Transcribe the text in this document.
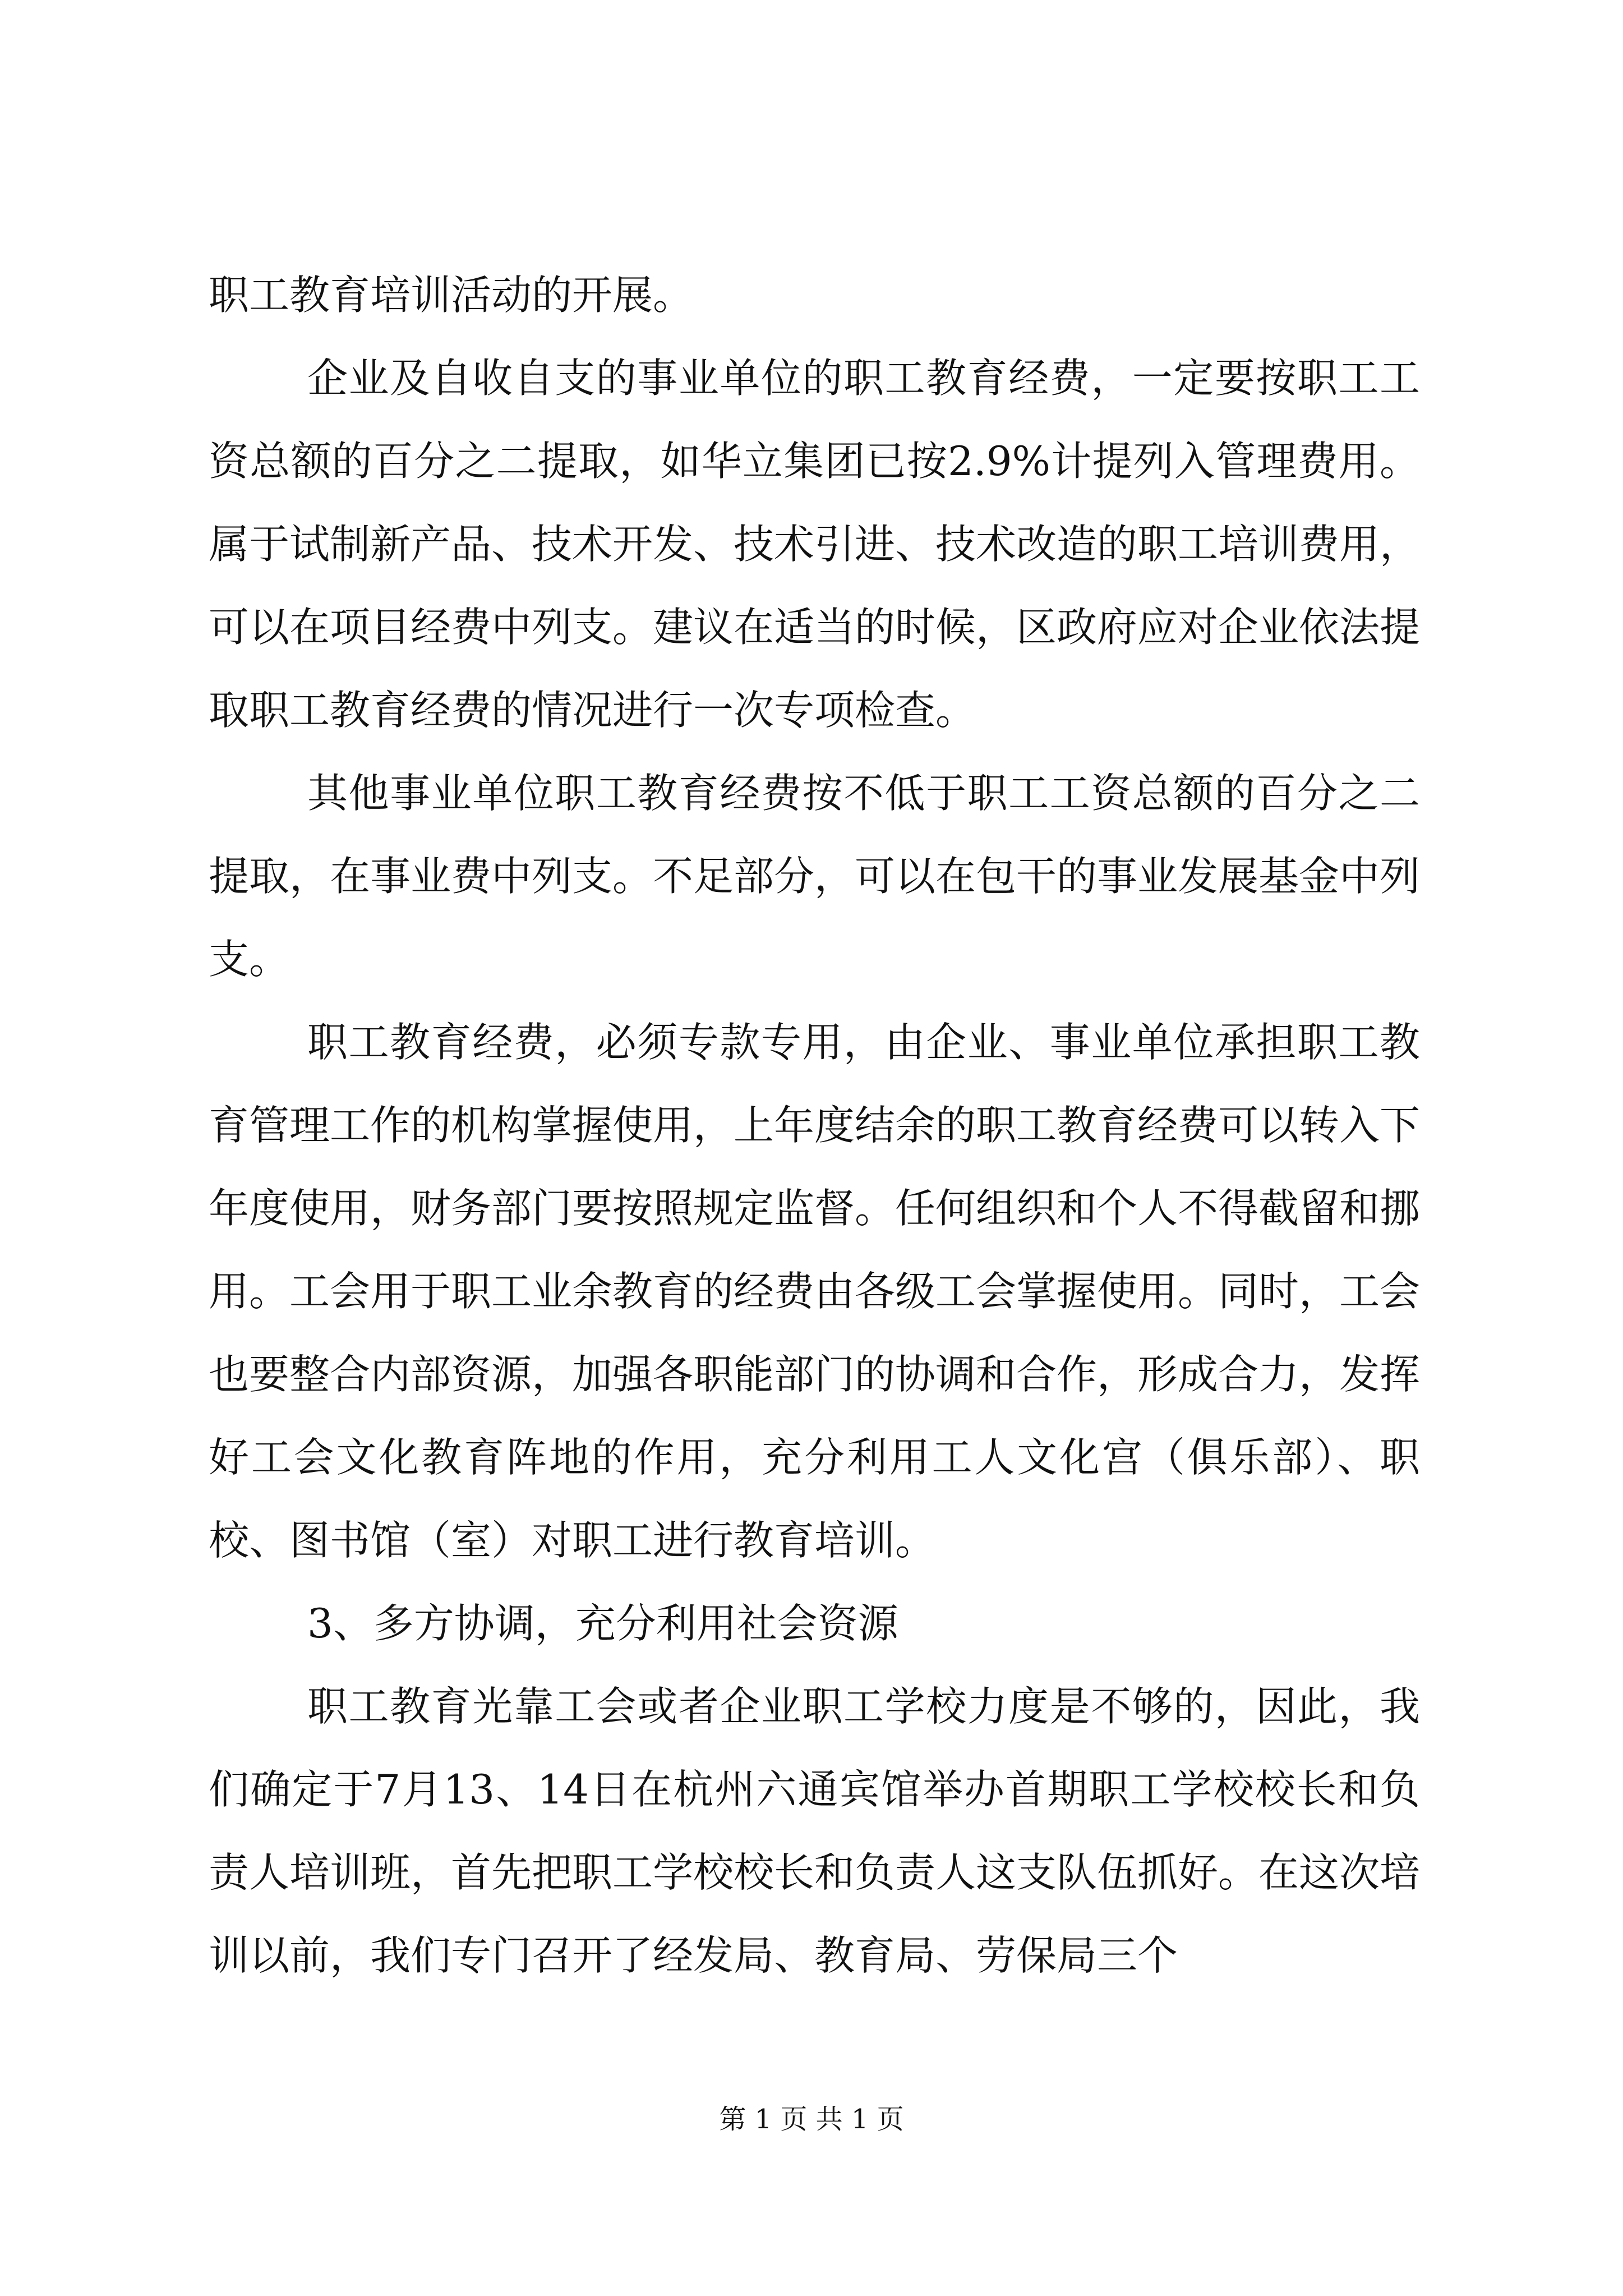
职工教育培训活动的开展。

企业及自收自支的事业单位的职工教育经费，一定要按职工工资总额的百分之二提取，如华立集团已按2.9%计提列入管理费用。属于试制新产品、技术开发、技术引进、技术改造的职工培训费用，可以在项目经费中列支。建议在适当的时候，区政府应对企业依法提取职工教育经费的情况进行一次专项检查。

其他事业单位职工教育经费按不低于职工工资总额的百分之二提取，在事业费中列支。不足部分，可以在包干的事业发展基金中列支。

职工教育经费，必须专款专用，由企业、事业单位承担职工教育管理工作的机构掌握使用，上年度结余的职工教育经费可以转入下年度使用，财务部门要按照规定监督。任何组织和个人不得截留和挪用。工会用于职工业余教育的经费由各级工会掌握使用。同时，工会也要整合内部资源，加强各职能部门的协调和合作，形成合力，发挥好工会文化教育阵地的作用，充分利用工人文化宫（俱乐部）、职校、图书馆（室）对职工进行教育培训。

3、多方协调，充分利用社会资源

职工教育光靠工会或者企业职工学校力度是不够的，因此，我们确定于7月13、14日在杭州六通宾馆举办首期职工学校校长和负责人培训班，首先把职工学校校长和负责人这支队伍抓好。在这次培训以前，我们专门召开了经发局、教育局、劳保局三个

第 1 页 共 1 页
